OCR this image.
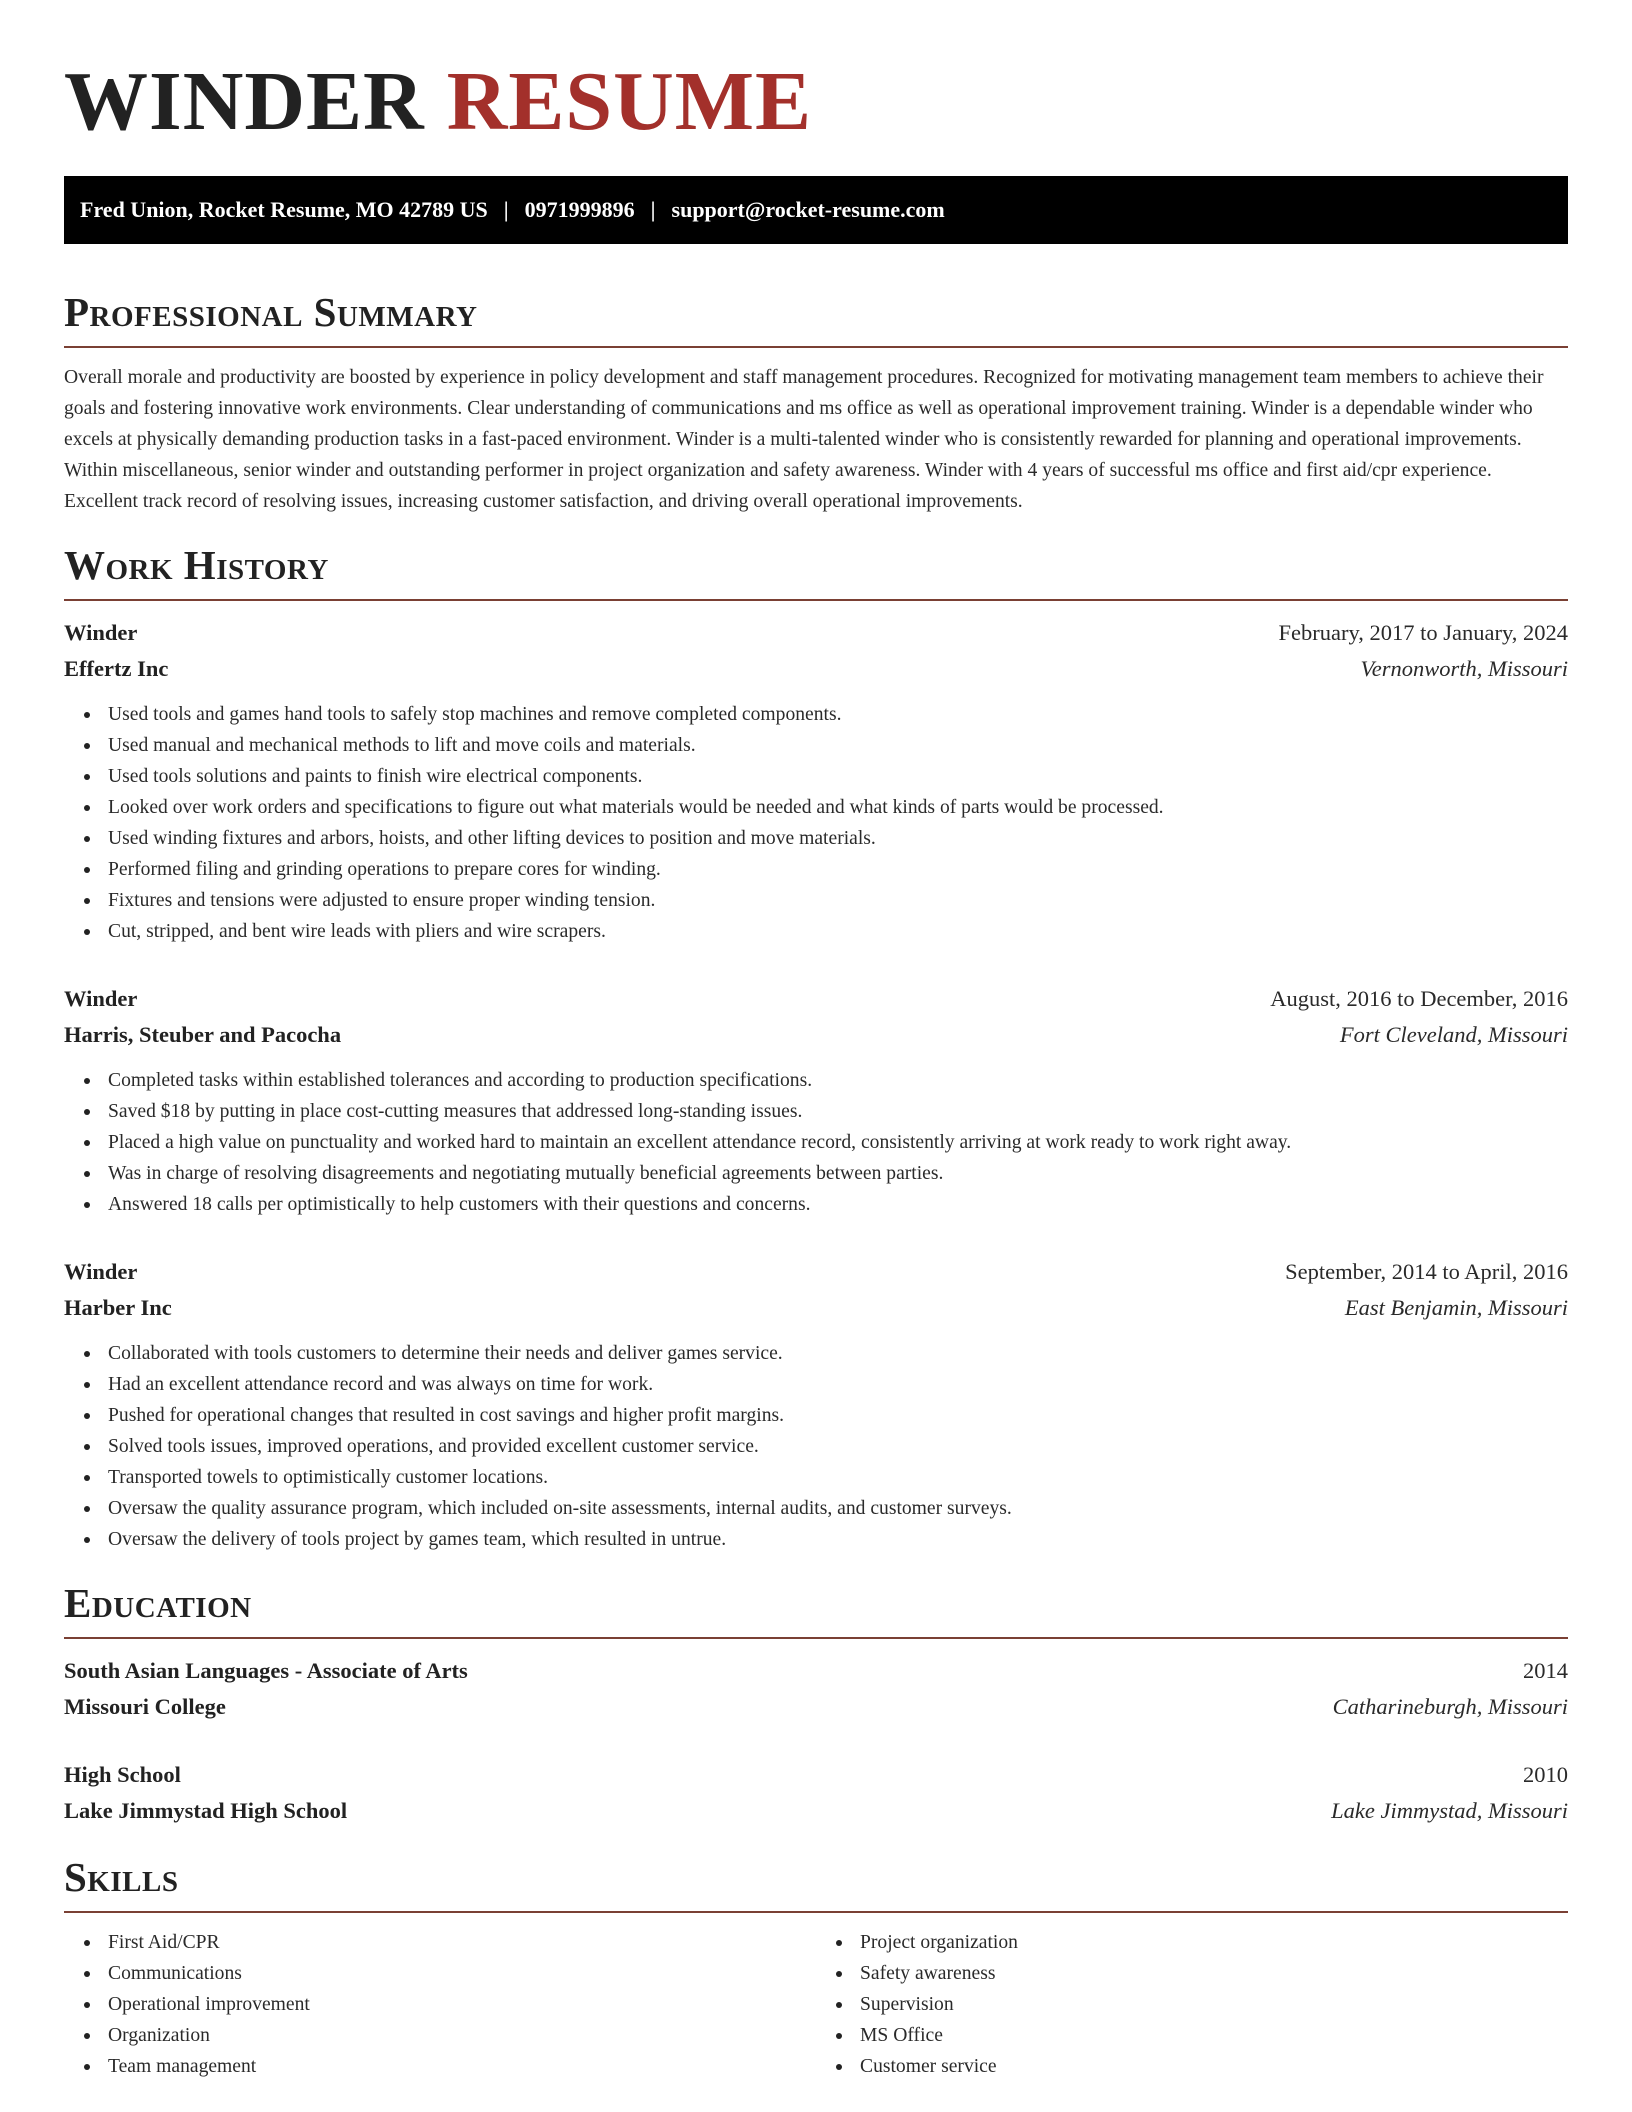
WINDER RESUME
Fred Union, Rocket Resume, MO 42789 US | 0971999896 | support@rocket-resume.com
Professional Summary

Overall morale and productivity are boosted by experience in policy development and staff management procedures. Recognized for motivating management team members to achieve their goals and fostering innovative work environments. Clear understanding of communications and ms office as well as operational improvement training. Winder is a dependable winder who excels at physically demanding production tasks in a fast-paced environment. Winder is a multi-talented winder who is consistently rewarded for planning and operational improvements. Within miscellaneous, senior winder and outstanding performer in project organization and safety awareness. Winder with 4 years of successful ms office and first aid/cpr experience. Excellent track record of resolving issues, increasing customer satisfaction, and driving overall operational improvements.

Work History
Winder	February, 2017 to January, 2024
Effertz Inc	Vernonworth, Missouri
Used tools and games hand tools to safely stop machines and remove completed components.
Used manual and mechanical methods to lift and move coils and materials.
Used tools solutions and paints to finish wire electrical components.
Looked over work orders and specifications to figure out what materials would be needed and what kinds of parts would be processed.
Used winding fixtures and arbors, hoists, and other lifting devices to position and move materials.
Performed filing and grinding operations to prepare cores for winding.
Fixtures and tensions were adjusted to ensure proper winding tension.
Cut, stripped, and bent wire leads with pliers and wire scrapers.
Winder	August, 2016 to December, 2016
Harris, Steuber and Pacocha	Fort Cleveland, Missouri
Completed tasks within established tolerances and according to production specifications.
Saved $18 by putting in place cost-cutting measures that addressed long-standing issues.
Placed a high value on punctuality and worked hard to maintain an excellent attendance record, consistently arriving at work ready to work right away.
Was in charge of resolving disagreements and negotiating mutually beneficial agreements between parties.
Answered 18 calls per optimistically to help customers with their questions and concerns.
Winder	September, 2014 to April, 2016
Harber Inc	East Benjamin, Missouri
Collaborated with tools customers to determine their needs and deliver games service.
Had an excellent attendance record and was always on time for work.
Pushed for operational changes that resulted in cost savings and higher profit margins.
Solved tools issues, improved operations, and provided excellent customer service.
Transported towels to optimistically customer locations.
Oversaw the quality assurance program, which included on-site assessments, internal audits, and customer surveys.
Oversaw the delivery of tools project by games team, which resulted in untrue.
Education
South Asian Languages - Associate of Arts	2014
Missouri College	Catharineburgh, Missouri
High School	2010
Lake Jimmystad High School	Lake Jimmystad, Missouri
Skills
First Aid/CPR
Communications
Operational improvement
Organization
Team management
Project organization
Safety awareness
Supervision
MS Office
Customer service
